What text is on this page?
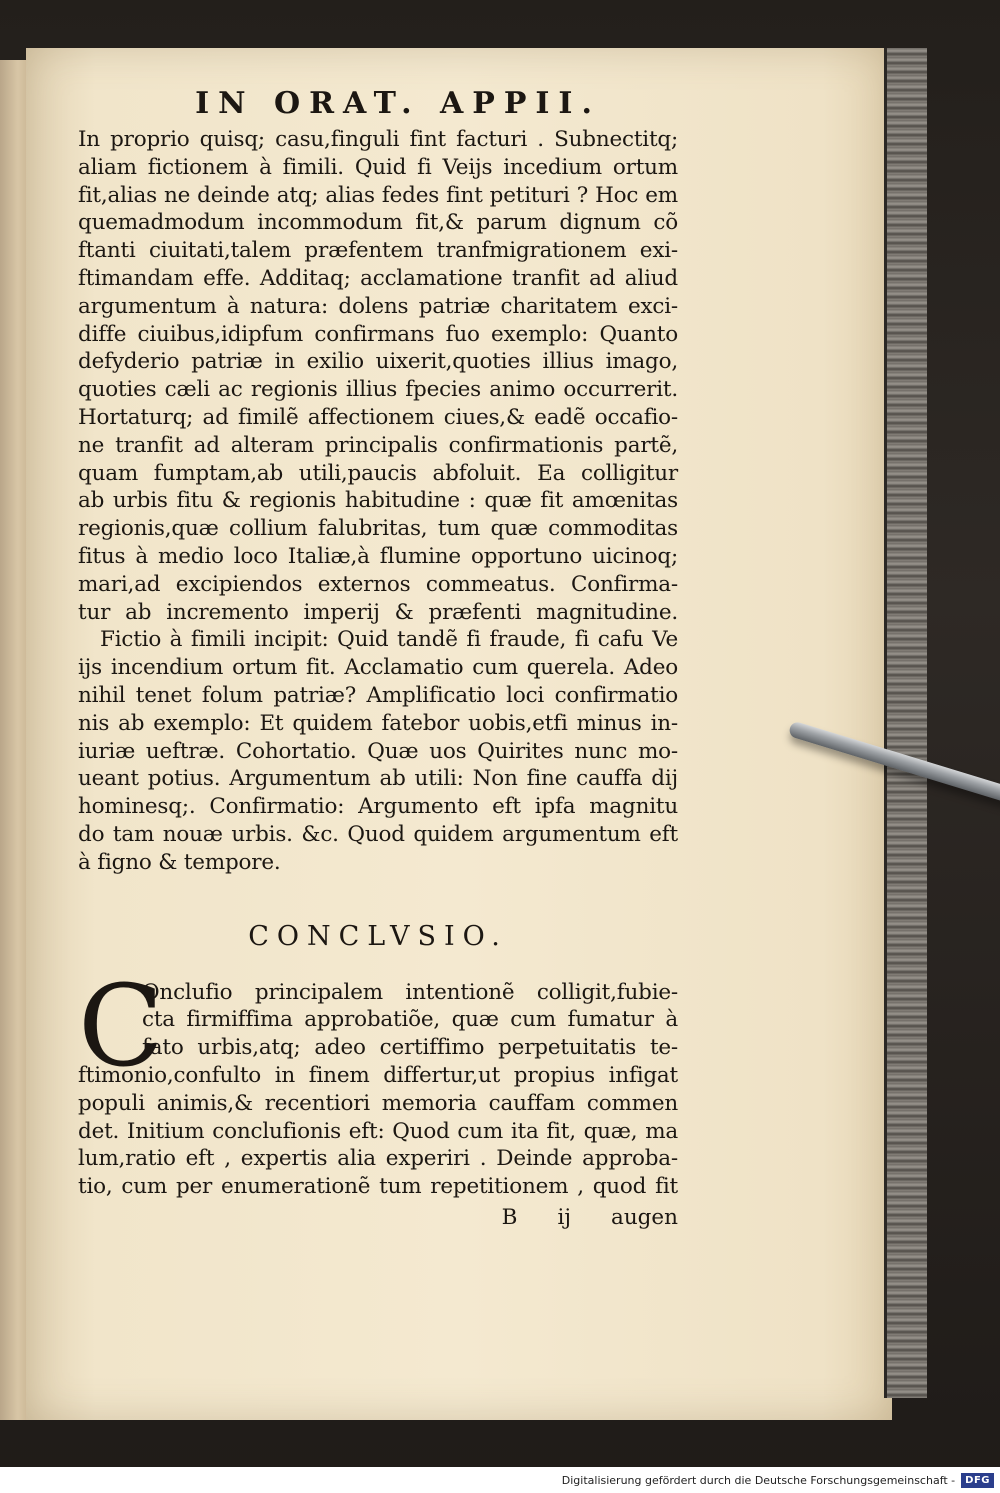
IN ORAT. APPII.
In proprio quisq; casu,finguli fint facturi . Subnectitq;
aliam fictionem à fimili. Quid fi Veijs incedium ortum
fit,alias ne deinde atq; alias fedes fint petituri ? Hoc em
quemadmodum incommodum fit,& parum dignum cõ
ftanti ciuitati,talem præfentem tranfmigrationem exi-
ftimandam effe. Additaq; acclamatione tranfit ad aliud
argumentum à natura: dolens patriæ charitatem exci-
diffe ciuibus,idipfum confirmans fuo exemplo: Quanto
defyderio patriæ in exilio uixerit,quoties illius imago,
quoties cæli ac regionis illius fpecies animo occurrerit.
Hortaturq; ad fimilẽ affectionem ciues,& eadẽ occafio-
ne tranfit ad alteram principalis confirmationis partẽ,
quam fumptam,ab utili,paucis abfoluit. Ea colligitur
ab urbis fitu & regionis habitudine : quæ fit amœnitas
regionis,quæ collium falubritas, tum quæ commoditas
fitus à medio loco Italiæ,à flumine opportuno uicinoq;
mari,ad excipiendos externos commeatus. Confirma-
tur ab incremento imperij & præfenti magnitudine.
Fictio à fimili incipit: Quid tandẽ fi fraude, fi cafu Ve
ijs incendium ortum fit. Acclamatio cum querela. Adeo
nihil tenet folum patriæ? Amplificatio loci confirmatio
nis ab exemplo: Et quidem fatebor uobis,etfi minus in-
iuriæ ueftræ. Cohortatio. Quæ uos Quirites nunc mo-
ueant potius. Argumentum ab utili: Non fine cauffa dij
hominesq;. Confirmatio: Argumento eft ipfa magnitu
do tam nouæ urbis. &c. Quod quidem argumentum eft
à figno & tempore.
CONCLVSIO.
C
Onclufio principalem intentionẽ colligit,fubie-
cta firmiffima approbatiõe, quæ cum fumatur à
fato urbis,atq; adeo certiffimo perpetuitatis te-
ftimonio,confulto in finem differtur,ut propius infigat
populi animis,& recentiori memoria cauffam commen
det. Initium conclufionis eft: Quod cum ita fit, quæ, ma
lum,ratio eft , expertis alia experiri . Deinde approba-
tio, cum per enumerationẽ tum repetitionem , quod fit
B ij augen
Digitalisierung gefördert durch die Deutsche Forschungsgemeinschaft -	DFG
